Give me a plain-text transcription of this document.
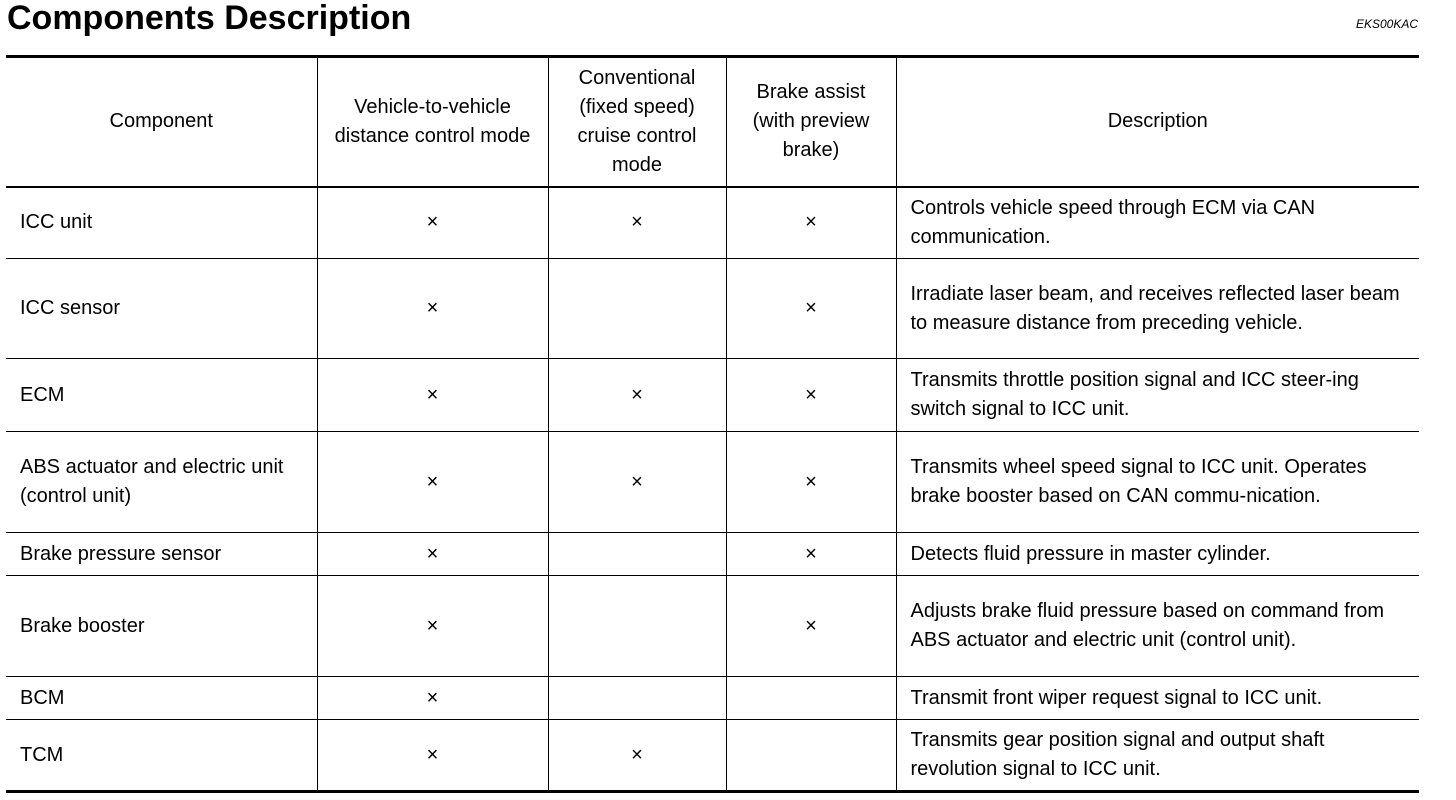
Components Description	EKS00KAC
Component	Vehicle-to-vehicle distance control mode	Conventional (fixed speed) cruise control mode	Brake assist (with preview brake)	Description
ICC unit	×	×	×	Controls vehicle speed through ECM via CAN communication.
ICC sensor	×		×	Irradiate laser beam, and receives reflected laser beam to measure distance from preceding vehicle.
ECM	×	×	×	Transmits throttle position signal and ICC steer-ing switch signal to ICC unit.
ABS actuator and electric unit (control unit)	×	×	×	Transmits wheel speed signal to ICC unit. Operates brake booster based on CAN commu-nication.
Brake pressure sensor	×		×	Detects fluid pressure in master cylinder.
Brake booster	×		×	Adjusts brake fluid pressure based on command from ABS actuator and electric unit (control unit).
BCM	×			Transmit front wiper request signal to ICC unit.
TCM	×	×		Transmits gear position signal and output shaft revolution signal to ICC unit.
